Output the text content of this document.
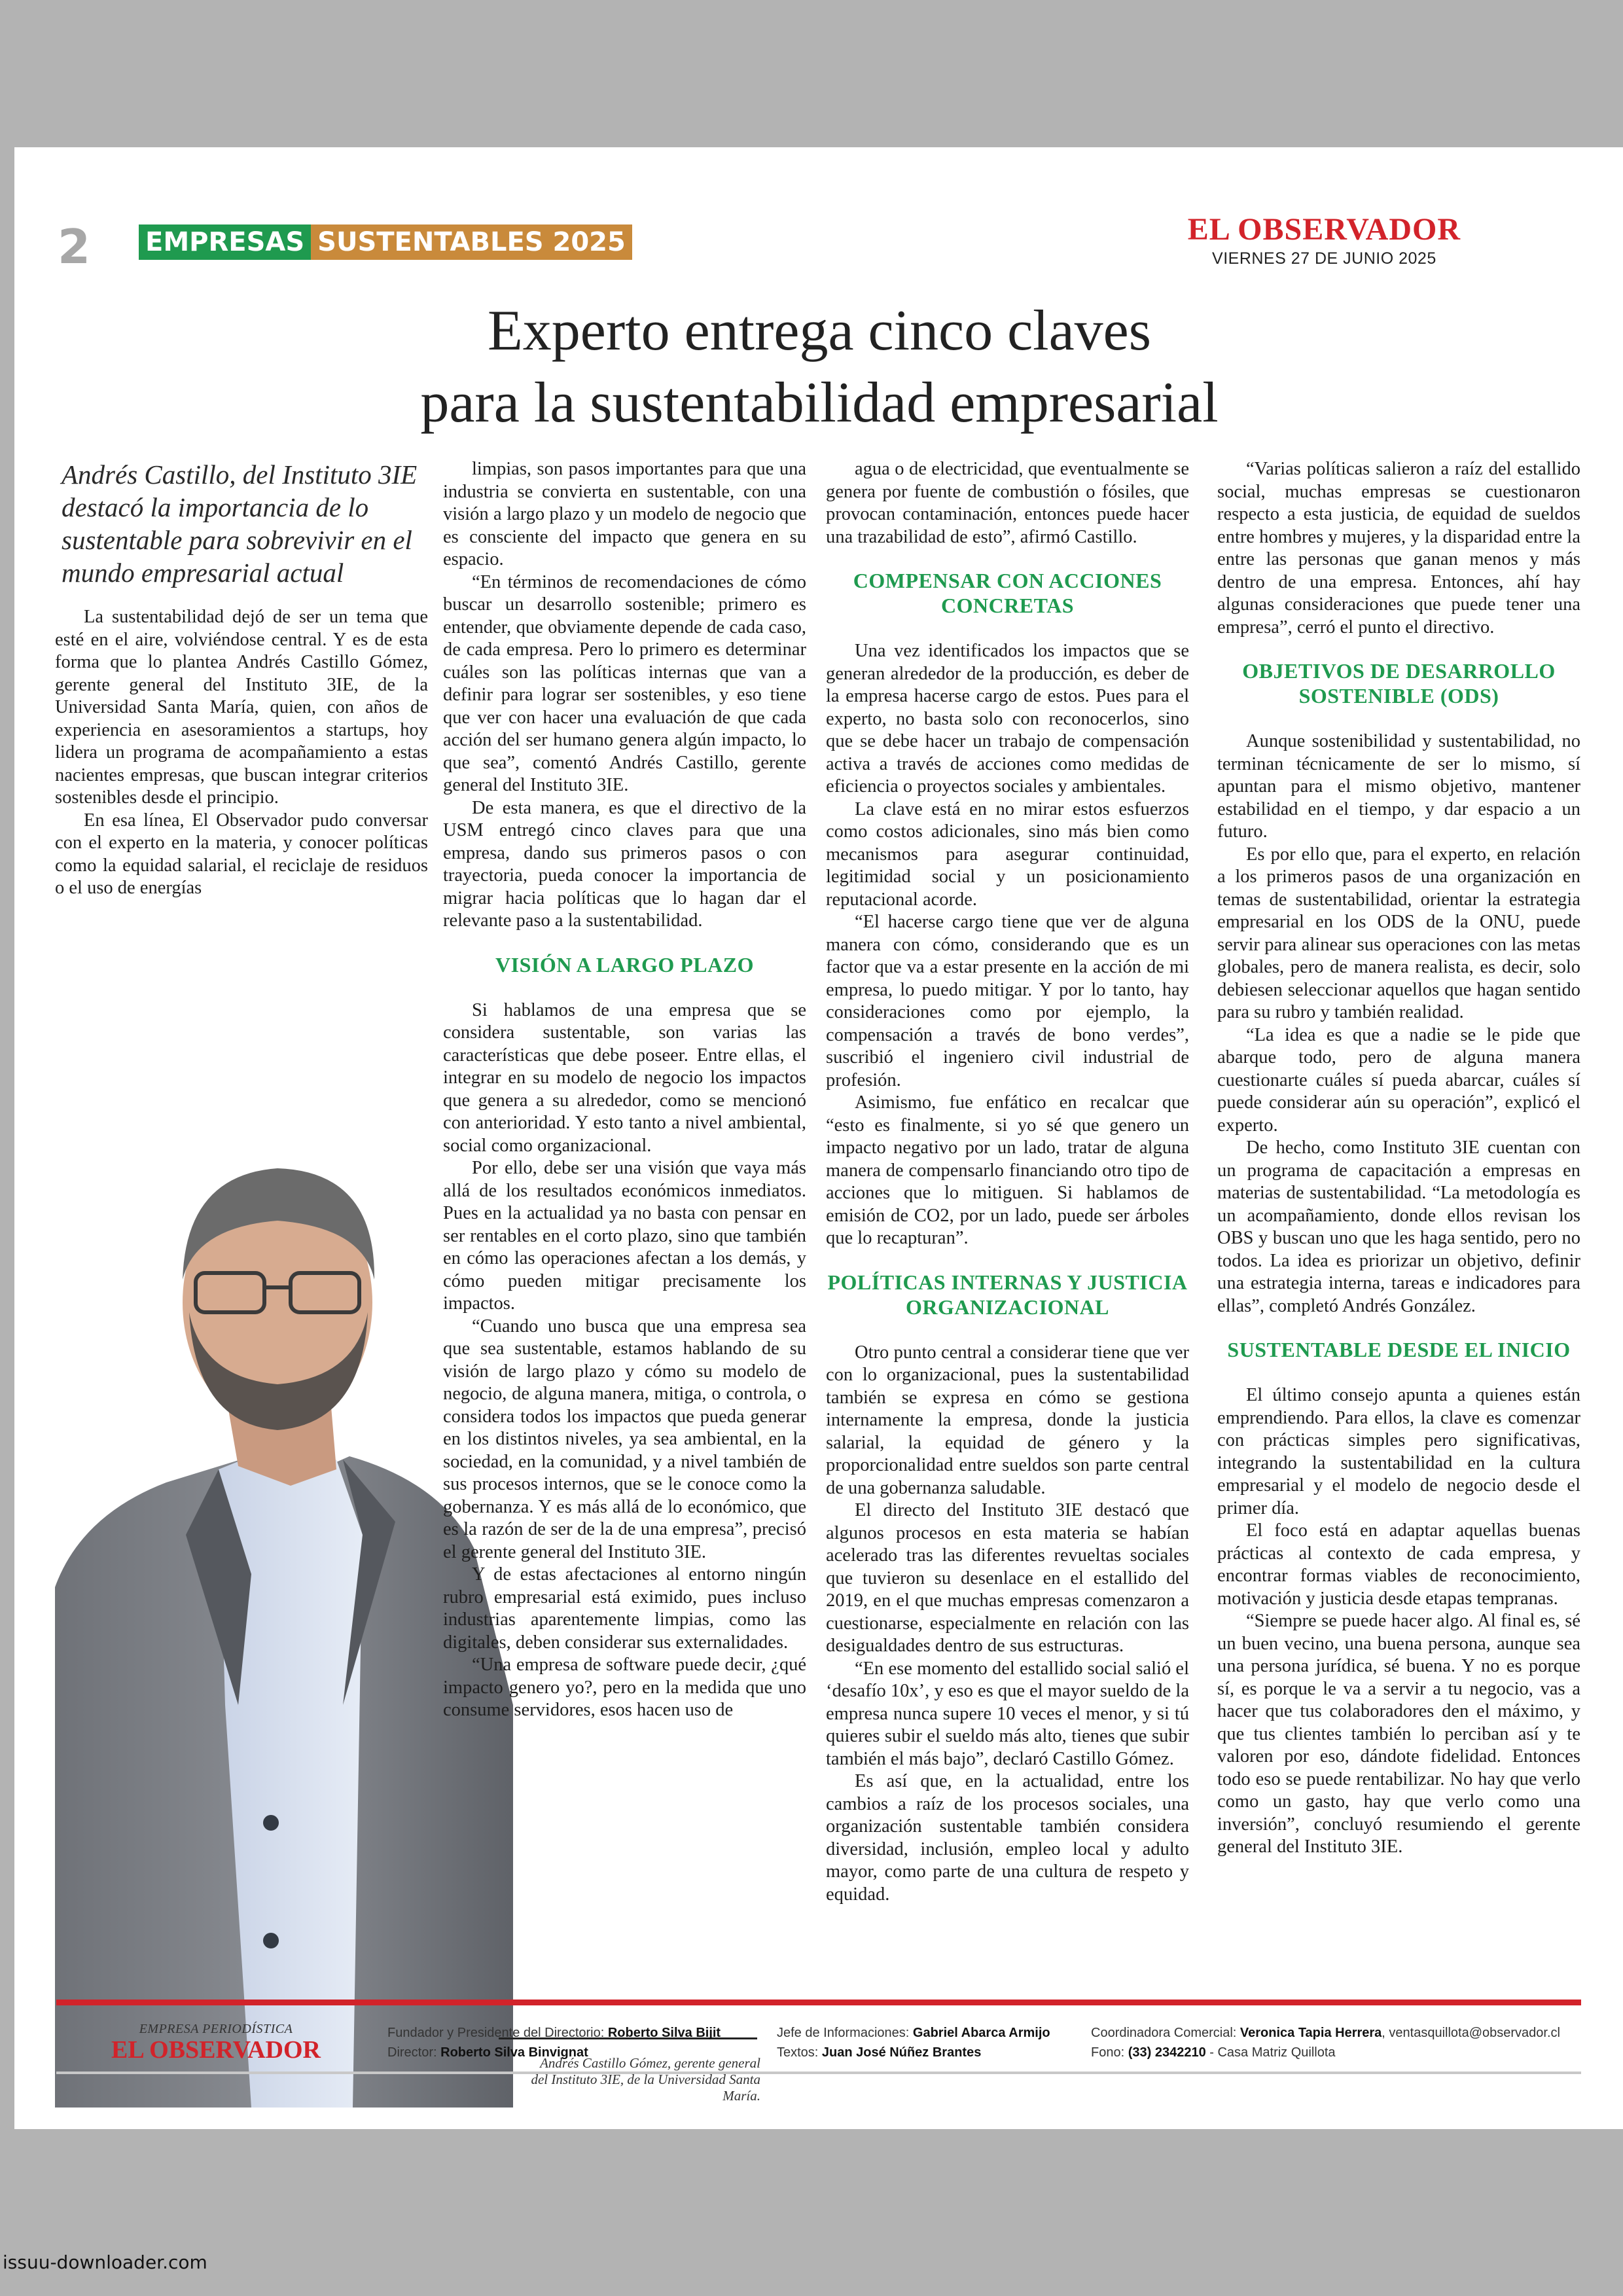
2 EMPRESAS SUSTENTABLES 2025	EL OBSERVADOR
VIERNES 27 DE JUNIO 2025
Experto entrega cinco claves
para la sustentabilidad empresarial
Andrés Castillo, del Instituto 3IE destacó la importancia de lo sustentable para sobrevivir en el mundo empresarial actual

La sustentabilidad dejó de ser un tema que esté en el aire, volviéndose central. Y es de esta forma que lo plantea Andrés Castillo Gómez, gerente general del Instituto 3IE, de la Universidad Santa María, quien, con años de experiencia en asesoramientos a startups, hoy lidera un programa de acompañamiento a estas nacientes empresas, que buscan integrar criterios sostenibles desde el principio.

En esa línea, El Observador pudo conversar con el experto en la materia, y conocer políticas como la equidad salarial, el reciclaje de residuos o el uso de energías

Andrés Castillo Gómez, gerente general del Instituto 3IE, de la Universidad Santa María.

limpias, son pasos importantes para que una industria se convierta en sustentable, con una visión a largo plazo y un modelo de negocio que es consciente del impacto que genera en su espacio.

“En términos de recomendaciones de cómo buscar un desarrollo sostenible; primero es entender, que obviamente depende de cada caso, de cada empresa. Pero lo primero es determinar cuáles son las políticas internas que van a definir para lograr ser sostenibles, y eso tiene que ver con hacer una evaluación de que cada acción del ser humano genera algún impacto, lo que sea”, comentó Andrés Castillo, gerente general del Instituto 3IE.

De esta manera, es que el directivo de la USM entregó cinco claves para que una empresa, dando sus primeros pasos o con trayectoria, pueda conocer la importancia de migrar hacia políticas que lo hagan dar el relevante paso a la sustentabilidad.

VISIÓN A LARGO PLAZO

Si hablamos de una empresa que se considera sustentable, son varias las características que debe poseer. Entre ellas, el integrar en su modelo de negocio los impactos que genera a su alrededor, como se mencionó con anterioridad. Y esto tanto a nivel ambiental, social como organizacional.

Por ello, debe ser una visión que vaya más allá de los resultados económicos inmediatos. Pues en la actualidad ya no basta con pensar en ser rentables en el corto plazo, sino que también en cómo las operaciones afectan a los demás, y cómo pueden mitigar precisamente los impactos.

“Cuando uno busca que una empresa sea que sea sustentable, estamos hablando de su visión de largo plazo y cómo su modelo de negocio, de alguna manera, mitiga, o controla, o considera todos los impactos que pueda generar en los distintos niveles, ya sea ambiental, en la sociedad, en la comunidad, y a nivel también de sus procesos internos, que se le conoce como la gobernanza. Y es más allá de lo económico, que es la razón de ser de la de una empresa”, precisó el gerente general del Instituto 3IE.

Y de estas afectaciones al entorno ningún rubro empresarial está eximido, pues incluso industrias aparentemente limpias, como las digitales, deben considerar sus externalidades.

“Una empresa de software puede decir, ¿qué impacto genero yo?, pero en la medida que uno consume servidores, esos hacen uso de

agua o de electricidad, que eventualmente se genera por fuente de combustión o fósiles, que provocan contaminación, entonces puede hacer una trazabilidad de esto”, afirmó Castillo.

COMPENSAR CON ACCIONES CONCRETAS

Una vez identificados los impactos que se generan alrededor de la producción, es deber de la empresa hacerse cargo de estos. Pues para el experto, no basta solo con reconocerlos, sino que se debe hacer un trabajo de compensación activa a través de acciones como medidas de eficiencia o proyectos sociales y ambientales.

La clave está en no mirar estos esfuerzos como costos adicionales, sino más bien como mecanismos para asegurar continuidad, legitimidad social y un posicionamiento reputacional acorde.

“El hacerse cargo tiene que ver de alguna manera con cómo, considerando que es un factor que va a estar presente en la acción de mi empresa, lo puedo mitigar. Y por lo tanto, hay consideraciones como por ejemplo, la compensación a través de bono verdes”, suscribió el ingeniero civil industrial de profesión.

Asimismo, fue enfático en recalcar que “esto es finalmente, si yo sé que genero un impacto negativo por un lado, tratar de alguna manera de compensarlo financiando otro tipo de acciones que lo mitiguen. Si hablamos de emisión de CO2, por un lado, puede ser árboles que lo recapturan”.

POLÍTICAS INTERNAS Y JUSTICIA ORGANIZACIONAL

Otro punto central a considerar tiene que ver con lo organizacional, pues la sustentabilidad también se expresa en cómo se gestiona internamente la empresa, donde la justicia salarial, la equidad de género y la proporcionalidad entre sueldos son parte central de una gobernanza saludable.

El directo del Instituto 3IE destacó que algunos procesos en esta materia se habían acelerado tras las diferentes revueltas sociales que tuvieron su desenlace en el estallido del 2019, en el que muchas empresas comenzaron a cuestionarse, especialmente en relación con las desigualdades dentro de sus estructuras.

“En ese momento del estallido social salió el ‘desafío 10x’, y eso es que el mayor sueldo de la empresa nunca supere 10 veces el menor, y si tú quieres subir el sueldo más alto, tienes que subir también el más bajo”, declaró Castillo Gómez.

Es así que, en la actualidad, entre los cambios a raíz de los procesos sociales, una organización sustentable también considera diversidad, inclusión, empleo local y adulto mayor, como parte de una cultura de respeto y equidad.

“Varias políticas salieron a raíz del estallido social, muchas empresas se cuestionaron respecto a esta justicia, de equidad de sueldos entre hombres y mujeres, y la disparidad entre la entre las personas que ganan menos y más dentro de una empresa. Entonces, ahí hay algunas consideraciones que puede tener una empresa”, cerró el punto el directivo.

OBJETIVOS DE DESARROLLO SOSTENIBLE (ODS)

Aunque sostenibilidad y sustentabilidad, no terminan técnicamente de ser lo mismo, sí apuntan para el mismo objetivo, mantener estabilidad en el tiempo, y dar espacio a un futuro.

Es por ello que, para el experto, en relación a los primeros pasos de una organización en temas de sustentabilidad, orientar la estrategia empresarial en los ODS de la ONU, puede servir para alinear sus operaciones con las metas globales, pero de manera realista, es decir, solo debiesen seleccionar aquellos que hagan sentido para su rubro y también realidad.

“La idea es que a nadie se le pide que abarque todo, pero de alguna manera cuestionarte cuáles sí pueda abarcar, cuáles sí puede considerar aún su operación”, explicó el experto.

De hecho, como Instituto 3IE cuentan con un programa de capacitación a empresas en materias de sustentabilidad. “La metodología es un acompañamiento, donde ellos revisan los OBS y buscan uno que les haga sentido, pero no todos. La idea es priorizar un objetivo, definir una estrategia interna, tareas e indicadores para ellas”, completó Andrés González.

SUSTENTABLE DESDE EL INICIO

El último consejo apunta a quienes están emprendiendo. Para ellos, la clave es comenzar con prácticas simples pero significativas, integrando la sustentabilidad en la cultura empresarial y el modelo de negocio desde el primer día.

El foco está en adaptar aquellas buenas prácticas al contexto de cada empresa, y encontrar formas viables de reconocimiento, motivación y justicia desde etapas tempranas.

“Siempre se puede hacer algo. Al final es, sé un buen vecino, una buena persona, aunque sea una persona jurídica, sé buena. Y no es porque sí, es porque le va a servir a tu negocio, vas a hacer que tus colaboradores den el máximo, y que tus clientes también lo perciban así y te valoren por eso, dándote fidelidad. Entonces todo eso se puede rentabilizar. No hay que verlo como un gasto, hay que verlo como una inversión”, concluyó resumiendo el gerente general del Instituto 3IE.

EMPRESA PERIODÍSTICA
EL OBSERVADOR
Fundador y Presidente del Directorio: Roberto Silva Bijit
Director: Roberto Silva Binvignat
Jefe de Informaciones: Gabriel Abarca Armijo
Textos: Juan José Núñez Brantes
Coordinadora Comercial: Veronica Tapia Herrera, ventasquillota@observador.cl
Fono: (33) 2342210 - Casa Matriz Quillota
issuu-downloader.com
